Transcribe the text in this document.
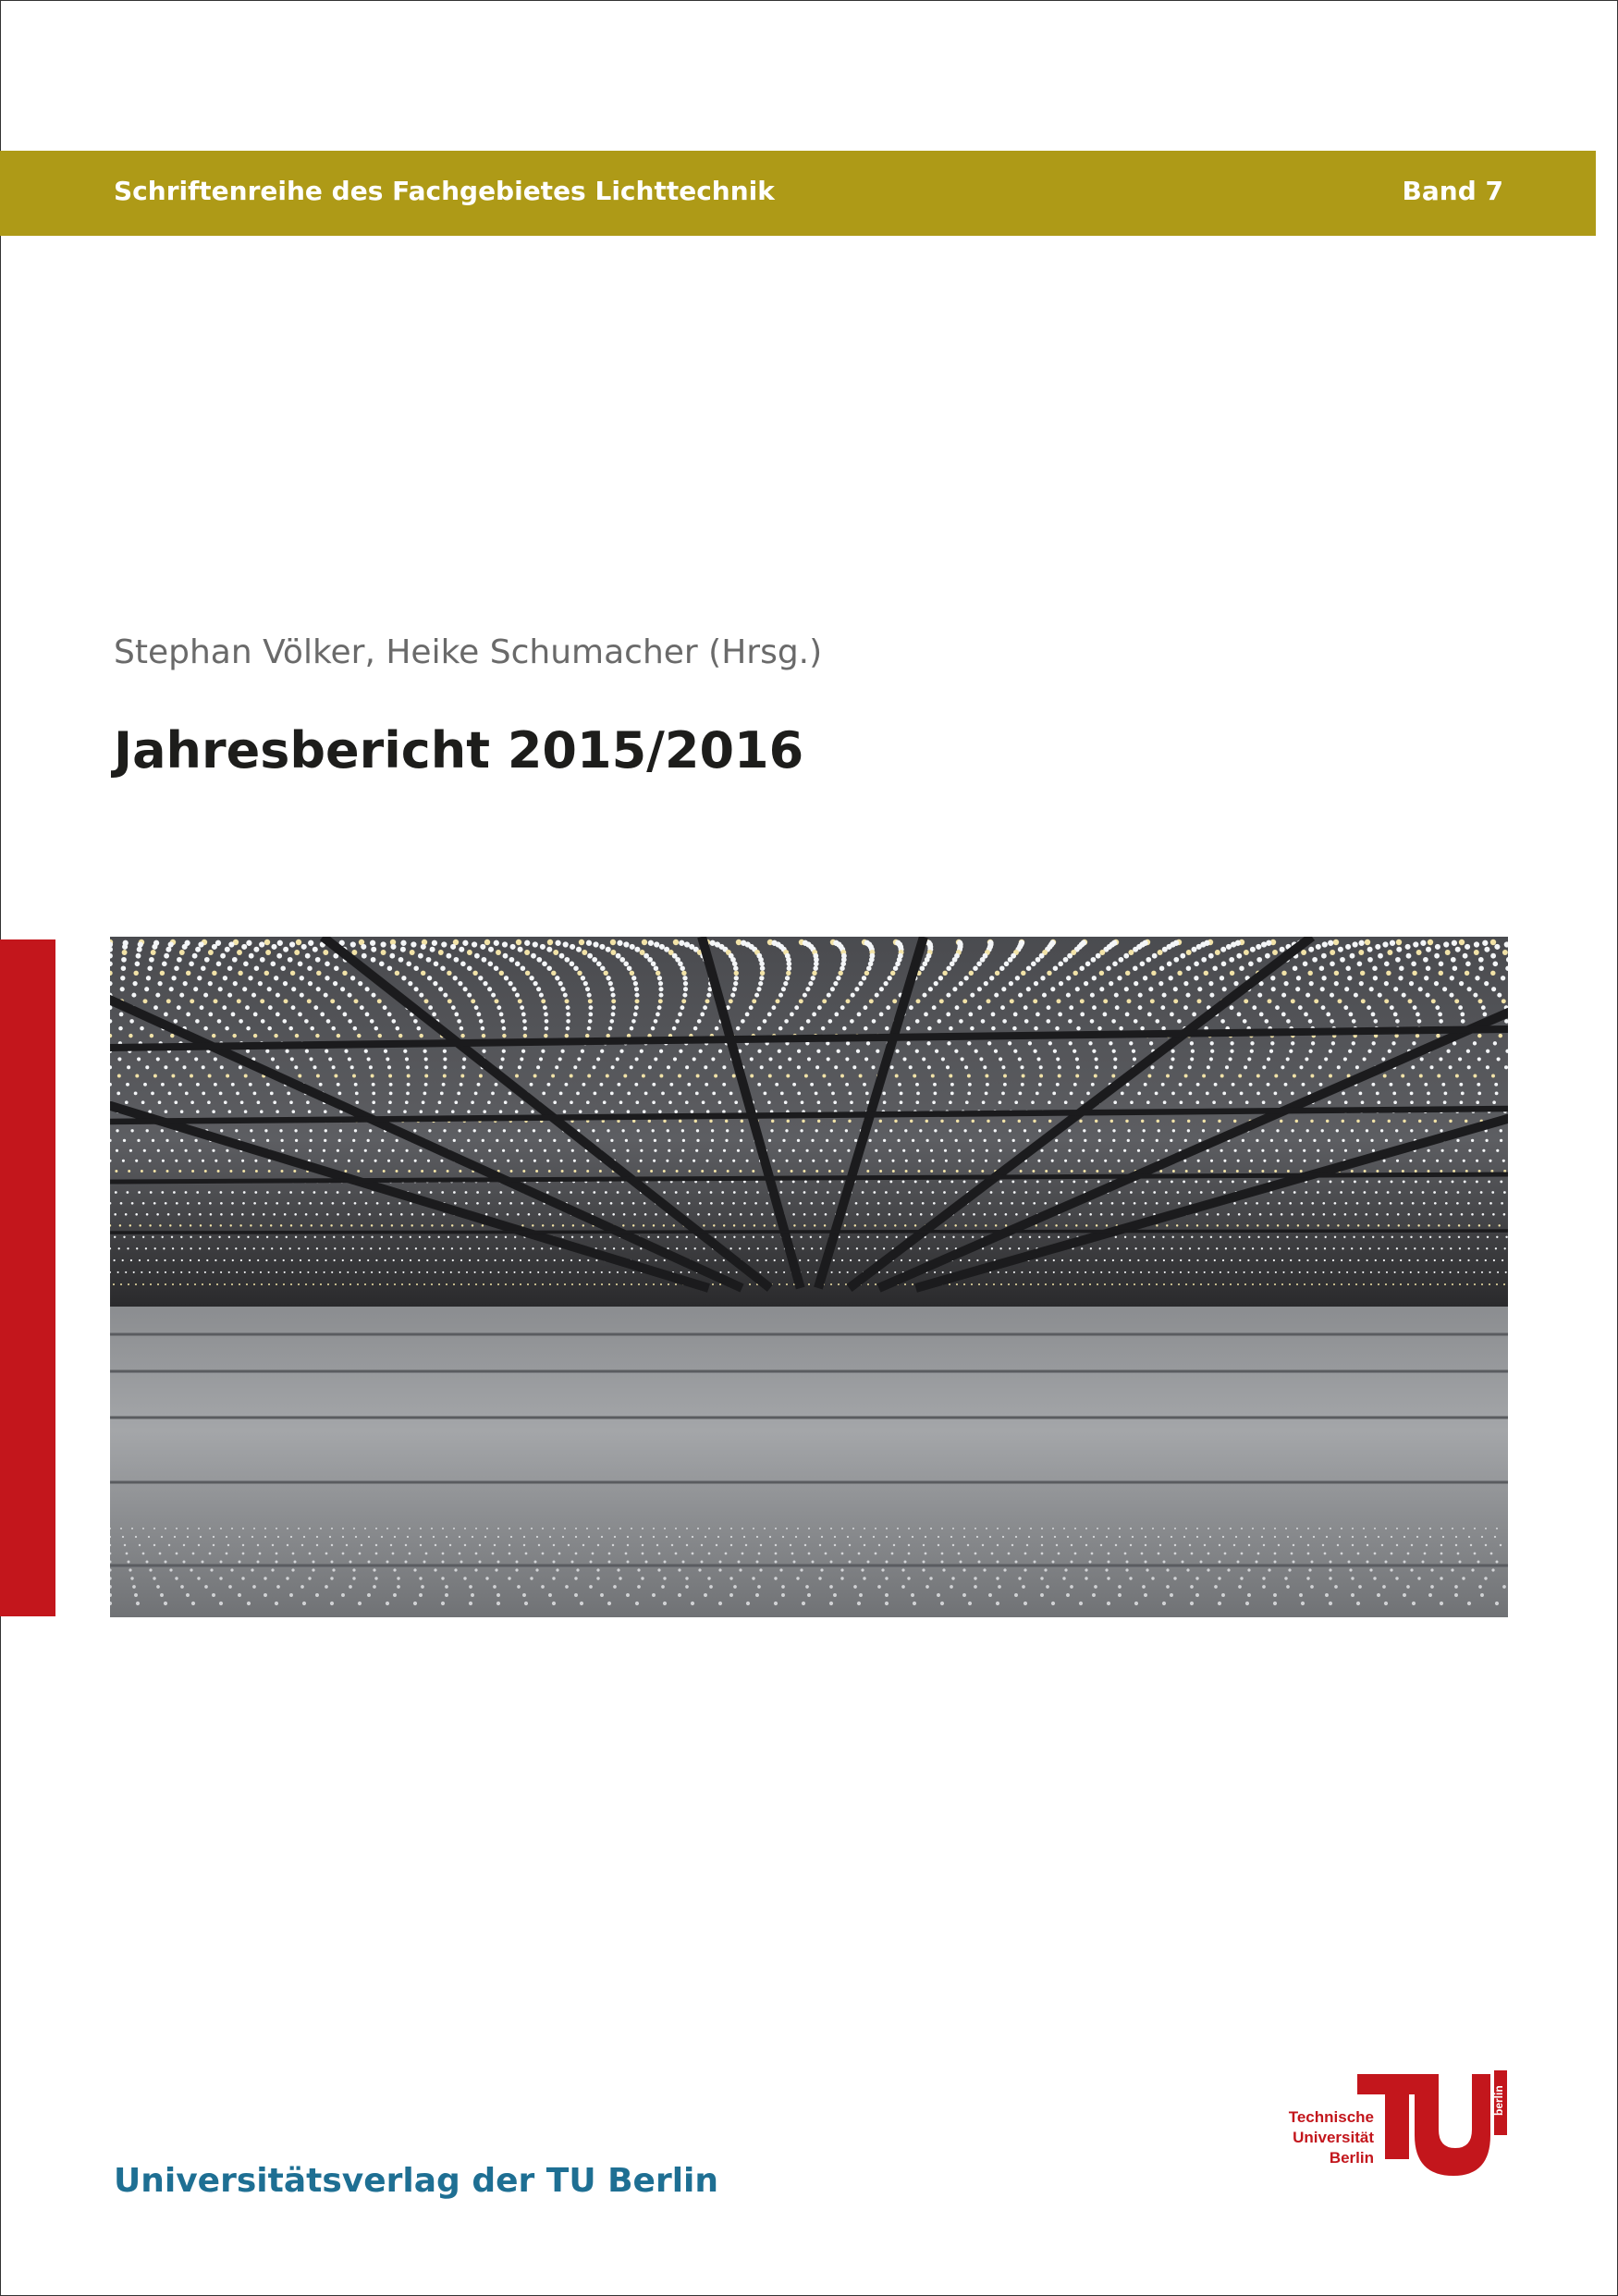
Schriftenreihe des Fachgebietes Lichttechnik	Band 7
Stephan Völker, Heike Schumacher (Hrsg.)
Jahresbericht 2015/2016
Universitätsverlag der TU Berlin
berlin
Technische
Universität
Berlin
